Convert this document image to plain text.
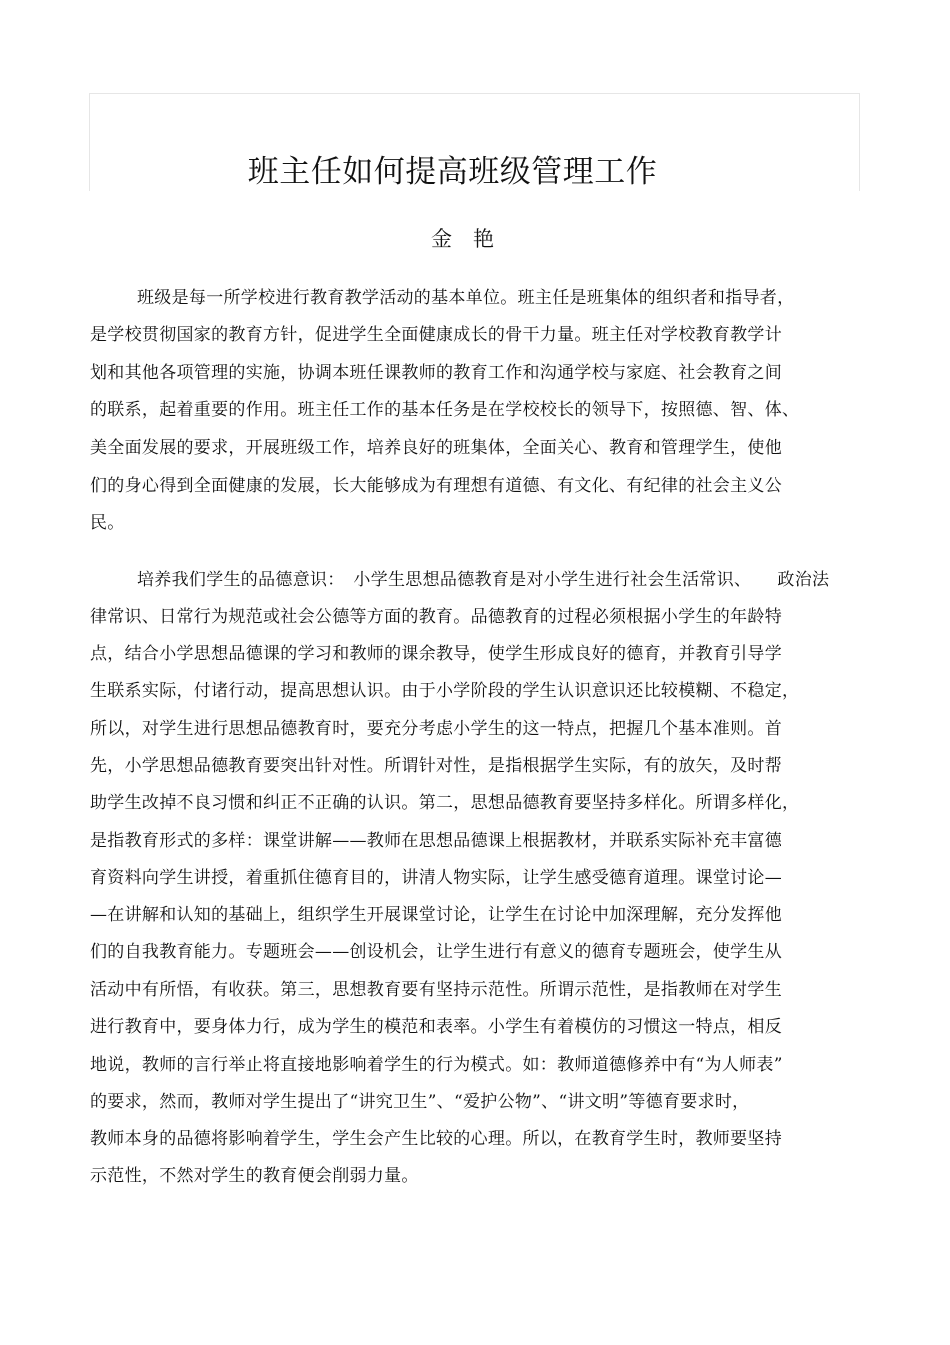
班主任如何提高班级管理工作
金　艳
班级是每一所学校进行教育教学活动的基本单位。班主任是班集体的组织者和指导者，
是学校贯彻国家的教育方针，促进学生全面健康成长的骨干力量。班主任对学校教育教学计
划和其他各项管理的实施，协调本班任课教师的教育工作和沟通学校与家庭、社会教育之间
的联系，起着重要的作用。班主任工作的基本任务是在学校校长的领导下，按照德、智、体、
美全面发展的要求，开展班级工作，培养良好的班集体，全面关心、教育和管理学生，使他
们的身心得到全面健康的发展，长大能够成为有理想有道德、有文化、有纪律的社会主义公
民。
培养我们学生的品德意识：　小学生思想品德教育是对小学生进行社会生活常识、　　政治法
律常识、日常行为规范或社会公德等方面的教育。品德教育的过程必须根据小学生的年龄特
点，结合小学思想品德课的学习和教师的课余教导，使学生形成良好的德育，并教育引导学
生联系实际，付诸行动，提高思想认识。由于小学阶段的学生认识意识还比较模糊、不稳定，
所以，对学生进行思想品德教育时，要充分考虑小学生的这一特点，把握几个基本准则。首
先，小学思想品德教育要突出针对性。所谓针对性，是指根据学生实际，有的放矢，及时帮
助学生改掉不良习惯和纠正不正确的认识。第二，思想品德教育要坚持多样化。所谓多样化，
是指教育形式的多样：课堂讲解——教师在思想品德课上根据教材，并联系实际补充丰富德
育资料向学生讲授，着重抓住德育目的，讲清人物实际，让学生感受德育道理。课堂讨论—
—在讲解和认知的基础上，组织学生开展课堂讨论，让学生在讨论中加深理解，充分发挥他
们的自我教育能力。专题班会——创设机会，让学生进行有意义的德育专题班会，使学生从
活动中有所悟，有收获。第三，思想教育要有坚持示范性。所谓示范性，是指教师在对学生
进行教育中，要身体力行，成为学生的模范和表率。小学生有着模仿的习惯这一特点，相反
地说，教师的言行举止将直接地影响着学生的行为模式。如：教师道德修养中有“为人师表”
的要求，然而，教师对学生提出了“讲究卫生”、“爱护公物”、“讲文明”等德育要求时，
教师本身的品德将影响着学生，学生会产生比较的心理。所以，在教育学生时，教师要坚持
示范性，不然对学生的教育便会削弱力量。
